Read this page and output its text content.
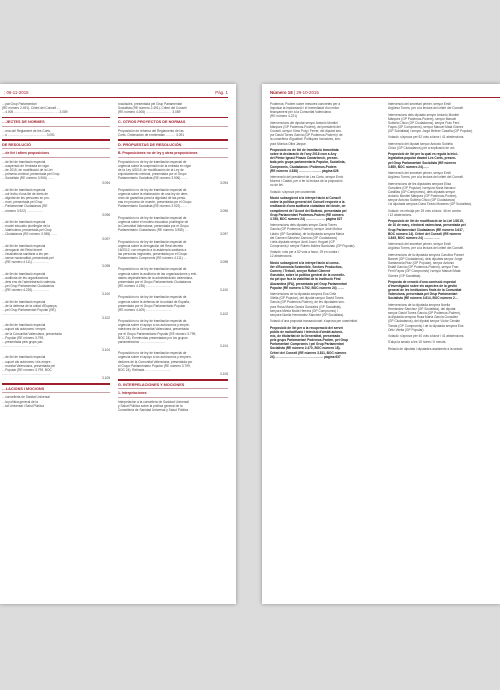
; 06-11-2015	Pàg. 1

…pat Grup Parlamentari
(RE número 2.491). Criteri del Consell …
…4.005 …………………………………… 3.089

…JECTES DE NORMES

…rma del Reglament de les Corts.
…s ……………………………… 3.091

DE RESOLUCIÓ
…de llei i altres proposicions
…de llei de tramitació especial
…suspensió de l'entrada en vigor
…de 2015, de modificació de la Llei
…primeria criminal, presentada pel Grup
…Socialista (RE número 3.906) ……
3.094
…de llei de tramitació especial
…col·lectiu d'una llei de drets de
…dignitat de les persones en pro-
…mort, presentada pel Grup
…Parlamentari Ciudadanos (RE
…número 3.922) ……………
3.096
…de llei de tramitació especial
…model educatiu plurilingüe de la
…Valenciana, presentada pel Grup
…Ciudadanos (RE número 3.955) ……
3.097
…de llei de tramitació especial
…derogació del Reial decret
…l'assistència sanitària a les per-
…sense nacionalitat, presentada pel
…(RE número 4.111) ……………
3.098
…de llei de tramitació especial
…auditoria de les organitzacions
…dels ens de l'administració valencia-
…pel Grup Parlamentari Ciudadanos
…(RE número 4.235) ……………
3.100
…de llei de tramitació especial
…de la defensa de la unitat d'Espanya,
…pel Grup Parlamentari Popular (RE)
………………………………………
3.102
…de llei de tramitació especial
…suport als autònoms i empre-
…de la Comunitat Valenciana, presentada
…Popular (RE número 3.799,
…presentada pels grups par-
……………………………
3.104
…de llei de tramitació especial
…suport als autònoms i els empre-
…munitat Valenciana, presentada pel
…Popular (RE número 3.799, BOC
………………………………………
3.105
…LACIONS I MOCIONS

…conselleria de Sanitat Universal
…la política general de la
…tat Universal i Salut Pública

rosolàcies, presentada pel Grup Parlamentari
Socialista (RE número 2.491). Criteri del Consell
(RE número 4.005) …………………… 3.089

C. OTROS PROYECTOS DE NORMAS

Proposición de reforma del Reglamento de las
Corts. Ordenación de enmiendas ……… 3.091

D. PROPUESTAS DE RESOLUCIÓN
B. Proposiciones no de ley y otras proposiciones
Proposición no de ley de tramitación especial de
urgencia sobre la suspensión de la entrada en vigor
de la Ley 4/2015, de modificación de la Ley de
enjuiciamiento criminal, presentada por el Grupo
Parlamentario Socialista (RE número 3.906) ……
3.094
Proposición no de ley de tramitación especial de
urgencia sobre la elaboración de una ley de dere-
chos de garantías para la dignidad de las perso-
nas en proceso de muerte, presentada por el Grupo
Parlamentario Socialista (RE número 3.922) ……
3.096
Proposición no de ley de tramitación especial de
urgencia sobre el modelo educativo plurilingüe de
la Comunitat Valenciana, presentada por el Grupo
Parlamentario Ciudadanos (RE número 3.955) …
3.097
Proposición no de ley de tramitación especial de
urgencia sobre la derogación del Real decreto
16/2012, con respecto a la asistencia sanitaria a
las personas migrantes, presentada por el Grupo
Parlamentario Compromís (RE número 4.111) …
3.098
Proposición no de ley de tramitación especial de
urgencia sobre la auditoría de las organizaciones y enti-
dades dependientes de la administración valenciana,
presentada por el Grupo Parlamentario Ciudadanos
(RE número 4.235) ……………………
3.100
Proposición no de ley de tramitación especial de
urgencia sobre la defensa de la unidad de España,
presentada por el Grupo Parlamentario Popular
(RE número 4.409) ……………………
3.102
Proposición no de ley de tramitación especial de
urgencia sobre el apoyo a los autónomos y empre-
ndedores de la Comunitat Valenciana, presentada
por el Grupo Parlamentario Popular (RE número 3.799,
BOC 24). Enmiendas presentadas por los grupos
parlamentarios ……………………
3.104
Proposición no de ley de tramitación especial de
urgencia sobre el apoyo a los autónomos y empren-
dedores de la Comunitat Valenciana, presentada por
el Grupo Parlamentario Popular (RE número 3.799,
BOC 24). Retirada ……………………
3.105
G. INTERPELACIONES Y MOCIONES
1. Interpelaciones

Interpelación a la consellera de Sanidad Universal
y Salud Pública sobre la política general de la
Consellería de Sanidad Universal y Salud Pública

Número 18 | 29-10-2015

Podemos: Podem sobre mesures concretes per a
impulsar la implantació i el immediatat d'un millor
finançament per a la Comunitat Valenciana
(RE número 4.221)

Intervencions del diputat senyor Antonio Montiel
Márquez (GP Podemos-Podem), del president del
Consell, senyor Ximo Puig i Ferrer, del diputat sen-
yor David Torres García (GP Podemos-Podem) i de
la consellera d'Igualtat i Polítiques Inclusives, sen-
yora Mónica Oltra Jarque.

Proposició no de llei de tramitació immediata
sobre la declaració de l'any 2016 com a Any
del Pintor Ignasi Pinazo Camarlench, presen-
tada pels grups parlamentaris Popular, Socialista,
Compromís, Ciudadanos i Podemos-Podem
(RE número 4.538) ………………… pàgina 626

Intervenció del president de Les Corts, senyor Enric
Morera i Català, per a fer la lectura de la proposició
no de llei.

Votació: s'aprova per unanimitat.

Moció subsegüent a la interpel·lació al Consell
sobre la política general del Consell respecte a la
realització d'una auditoria ciutadana del deute, on
compliment de l'Acord del Botànic, presentada pel
Grup Parlamentari Podemos-Podem (RE número
3.788, BOC número 24) ……………… pàgina 627

Intervencions dels diputats senyor David Torres
García (GP Podemos-Podem), senyor José Muñoz
Lladró (GP Socialista), de la diputada senyora María
del Carmen Sánchez Zamora (GP Ciudadanos)
i dels diputats senyor Jordi Juan i Huguet (GP
Compromís) i senyor Rubén Ibáñez Bordonau (GP Popular).

Votació: vots per a 52 vots a favor, 29 en contra i
12 abstencions.

Moció subsegüent a la interpel·lació al conse-
ller d'Economia Sostenible, Sectors Productius,
Comerç i Treball, senyor Rafael Climent
Gonzàlez, sobre la política general de la conselle-
ria pel que fa a la viabilitat de la institució Firal
Alacantina (IFA), presentada pel Grup Parlamentari
Popular (RE número 3.792, BOC número 24) ……

Intervencions de la diputada senyora Eva Ortiz
Vilella (GP Popular), del diputat senyor David Torres
García (GP Podemos-Podem), de les diputades sen-
yora Rosa María García González (GP Socialista),
senyora Mireia Mollà Herrera (GP Compromís) i
senyora Noelia Hernández Sánchez (GP Socialista).

Votació d'una proposta transaccional: s'aprova per unanimitat.

Proposició de llei per a la recuperació del servei
públic de radiodifusió i televisió d'àmbit autonò-
mic, de titularitat de la Generalitat, presentada
pels grups Parlamentari Podemos-Podem, pel Grup
Parlamentari Compromís i pel Grup Parlamentari
Socialista (RE número 2.470, BOC número 18).
Criteri del Consell (RE número 3.811, BOC número
24) ……………………………………… pàgina 637

Intervenció del secretari primer, senyor Emili
Argüeso Torres, per a la lectura del criteri del Consell.

Intervencions dels diputats senyor Antonio Montiel
Márquez (GP Podemos-Podem), senyor Manuel
Subiela Chico (GP Ciudadanos), senyor Fran Ferri
Fayos (GP Compromís), senyor Manuel Mata Gómez
(GP Socialista) i senyor Jorge Bellver Casaña (GP Popular).

Votació: s'aprova per 52 vots a favor i 41 abstencions.

Intervenció del diputat senyor Antonio Subiela
Chico (GP Ciudadanos) per a explicació de vot.

Proposició de llei per la qual es regula la inici-
legislativa popular davant Les Corts, presen-
pel Grup Parlamentari Socialista (RE número
3.850, BOC número 24)……

Intervenció del secretari primer, senyor Emili
Argüeso Torres, per a la lectura del criteri del Consell.

Intervencions de les diputades senyora Elisa
González (GP Popular) i senyora Nuria Navarro
Castillas (GP Compromís), dels diputats senyor
Antonio Montiel Márquez (GP Podemos-Podem),
senyor Antonio Subiela Chico (GP Ciudadanos)
i la diputada senyora Clara Tirado Museros (GP Socialista).

Votació: es rebutja per 29 vots a favor, 46 en contra
i 12 abstencions.

Proposició de llei de modificació de la Llei 1/2015,
de 10 de març, electoral valenciana, presentada pel
Grup Parlamentari Ciudadanos (RE número 3.637,
BOC número 14). Criteri del Consell (RE número
3.849, BOC número 24) ……………

Intervenció del secretari primer, senyor Emili
Argüeso Torres, per a la lectura del criteri del Consell.

Intervencions de la diputada senyora Carolina Punset
Bannel (GP Ciudadanos), dels diputats senyor Jorge
Santamaría Ruiz (GP Popular), senyor Antonio
Estañ García (GP Podemos-Podem), senyor Fran
Ferri Fayos (GP Compromís) i senyor Manuel Mata
Gómez (GP Socialista).

Proposta de creació d'una comissió especial
d'investigació sobre els aspectes de la gestió
general de les institucions firals de la Comunitat
Valenciana, presentada pel Grup Parlamentari
Socialista (RE número 3.614, BOC número 2…

Intervencions de la diputada senyora Noelia
Hernández Sánchez (GP Socialista), del diputat
senyor David Torres García (GP Podemos-Podem),
la diputada senyora Rosa María García González
(GP Ciudadanos), del diputat senyor Víctor Cerdán
Tomás (GP Compromís) i de la diputada senyora Eva
Ortiz Vilella (GP Popular).

Votació: s'aprova per 40 vots a favor i 41 abstencions.

S'alça la sessió a les 15 hores i 5 minuts.

Relació de diputats i diputades assistents a la sessió
